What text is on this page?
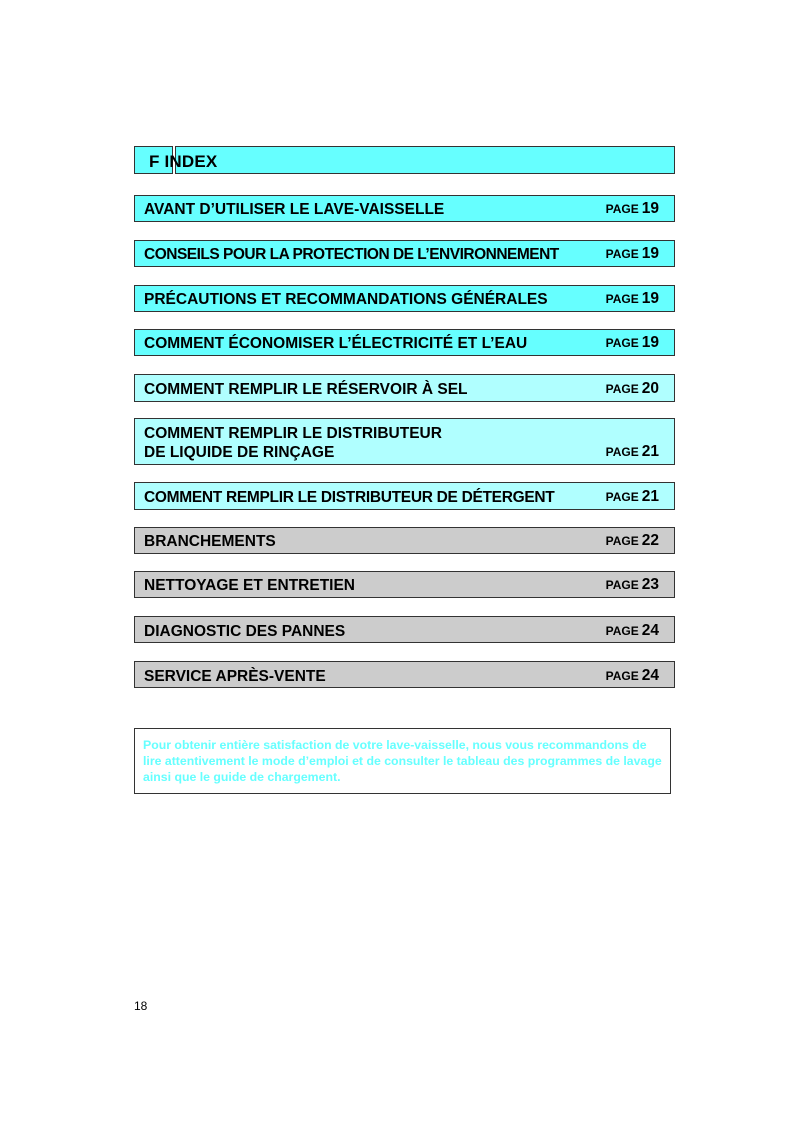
F INDEX
AVANT D’UTILISER LE LAVE-VAISSELLE	PAGE 19
CONSEILS POUR LA PROTECTION DE L’ENVIRONNEMENT	PAGE 19
PRÉCAUTIONS ET RECOMMANDATIONS GÉNÉRALES	PAGE 19
COMMENT ÉCONOMISER L’ÉLECTRICITÉ ET L’EAU	PAGE 19
COMMENT REMPLIR LE RÉSERVOIR À SEL	PAGE 20
COMMENT REMPLIR LE DISTRIBUTEUR
DE LIQUIDE DE RINÇAGE	PAGE 21
COMMENT REMPLIR LE DISTRIBUTEUR DE DÉTERGENT	PAGE 21
BRANCHEMENTS	PAGE 22
NETTOYAGE ET ENTRETIEN	PAGE 23
DIAGNOSTIC DES PANNES	PAGE 24
SERVICE APRÈS-VENTE	PAGE 24
Pour obtenir entière satisfaction de votre lave-vaisselle, nous vous recommandons de lire attentivement le mode d’emploi et de consulter le tableau des programmes de lavage ainsi que le guide de chargement.
18
